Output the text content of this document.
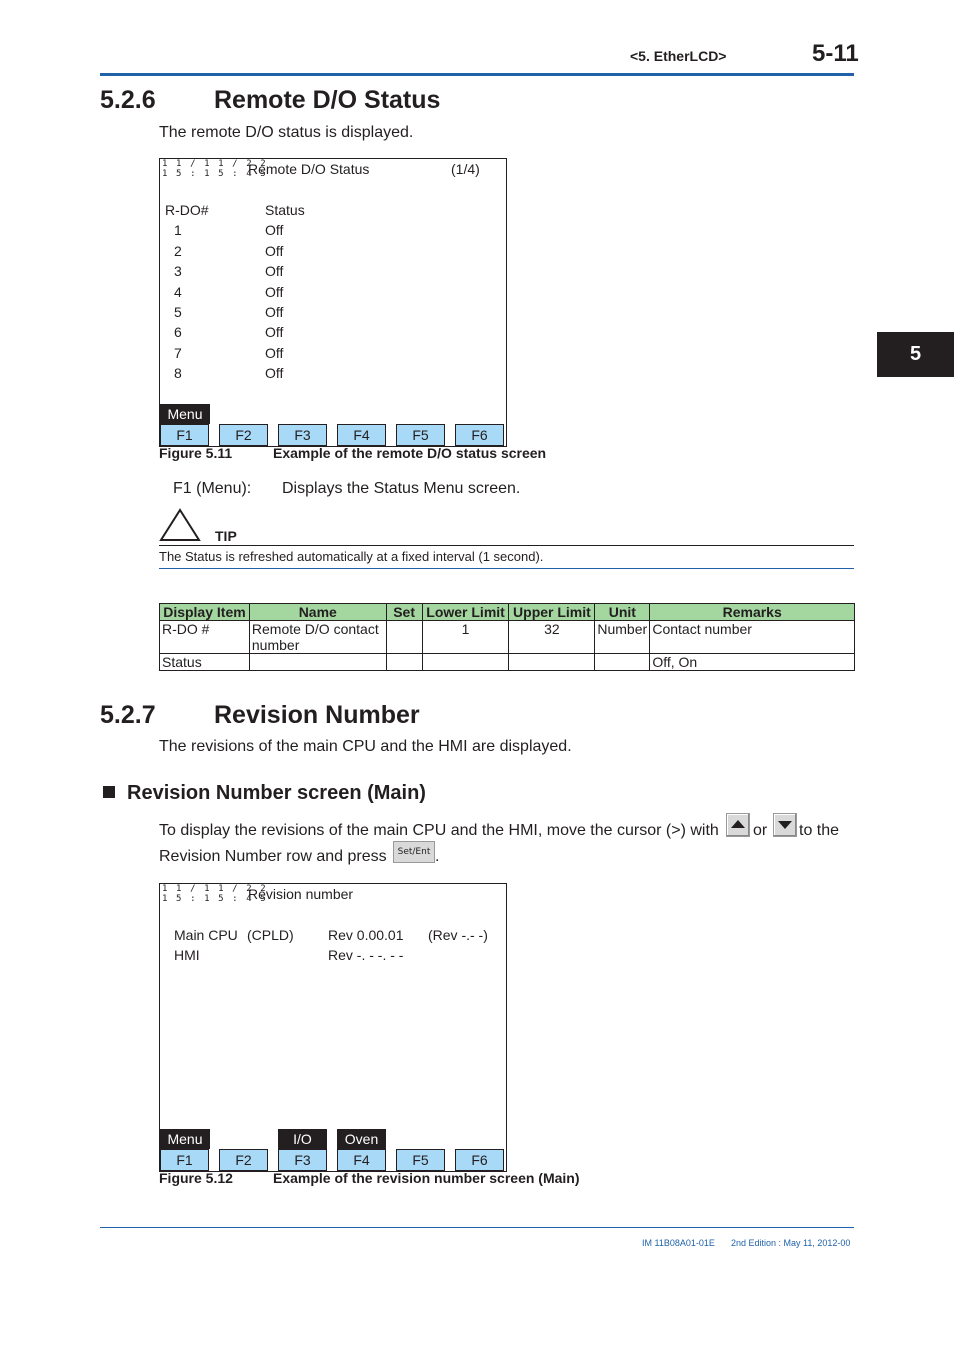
<5. EtherLCD>	5-11
5
5.2.6 Remote D/O Status

The remote D/O status is displayed.

1 1 / 1 1 / 2 2
1 5 : 1 5 : 4 5
Remote D/O Status	(1/4)
R-DO#	Status
1	Off
2	Off
3	Off
4	Off
5	Off
6	Off
7	Off
8	Off
Menu
F1	F2	F3	F4	F5	F6
Figure 5.11	Example of the remote D/O status screen

F1 (Menu): Displays the Status Menu screen.

TIP
The Status is refreshed automatically at a fixed interval (1 second).
Display Item	Name	Set	Lower Limit	Upper Limit	Unit	Remarks
R-DO #	Remote D/O contact number		1	32	Number	Contact number
Status						Off, On
5.2.7 Revision Number

The revisions of the main CPU and the HMI are displayed.

Revision Number screen (Main)

To display the revisions of the main CPU and the HMI, move the cursor (>) with or to the

Revision Number row and press	Set/Ent .

1 1 / 1 1 / 2 2
1 5 : 1 5 : 4 5
Revision number
Main CPU (CPLD) Rev 0.00.01 (Rev -.- -)
HMI	Rev -. - -. - -
Menu	I/O	Oven
F1	F2	F3	F4	F5	F6
Figure 5.12	Example of the revision number screen (Main)
IM 11B08A01-01E 2nd Edition : May 11, 2012-00
